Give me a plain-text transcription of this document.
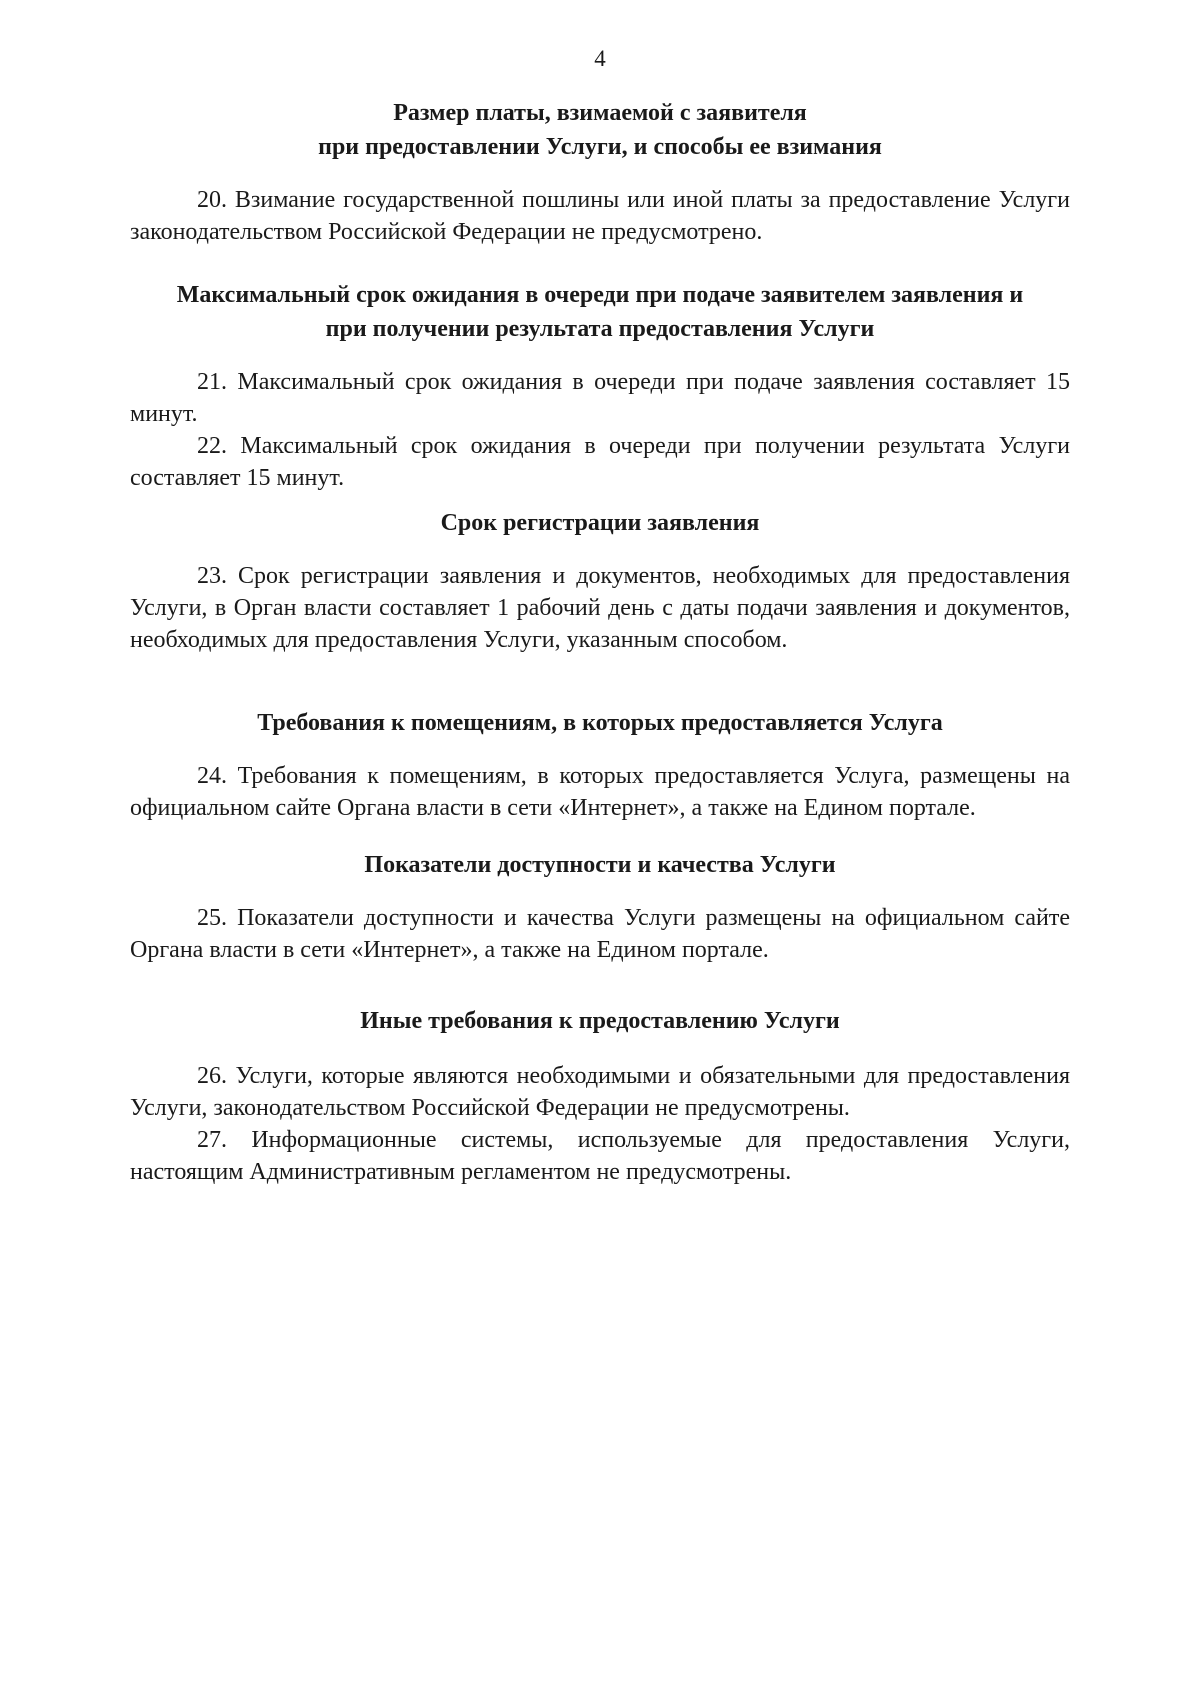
4

Размер платы, взимаемой с заявителя

при предоставлении Услуги, и способы ее взимания

20. Взимание государственной пошлины или иной платы за предоставление Услуги законодательством Российской Федерации не предусмотрено.

Максимальный срок ожидания в очереди при подаче заявителем заявления и

при получении результата предоставления Услуги

21. Максимальный срок ожидания в очереди при подаче заявления составляет 15 минут.

22. Максимальный срок ожидания в очереди при получении результата Услуги составляет 15 минут.

Срок регистрации заявления

23. Срок регистрации заявления и документов, необходимых для предоставления Услуги, в Орган власти составляет 1 рабочий день с даты подачи заявления и документов, необходимых для предоставления Услуги, указанным способом.

Требования к помещениям, в которых предоставляется Услуга

24. Требования к помещениям, в которых предоставляется Услуга, размещены на официальном сайте Органа власти в сети «Интернет», а также на Едином портале.

Показатели доступности и качества Услуги

25. Показатели доступности и качества Услуги размещены на официальном сайте Органа власти в сети «Интернет», а также на Едином портале.

Иные требования к предоставлению Услуги

26. Услуги, которые являются необходимыми и обязательными для предоставления Услуги, законодательством Российской Федерации не предусмотрены.

27. Информационные системы, используемые для предоставления Услуги, настоящим Административным регламентом не предусмотрены.
